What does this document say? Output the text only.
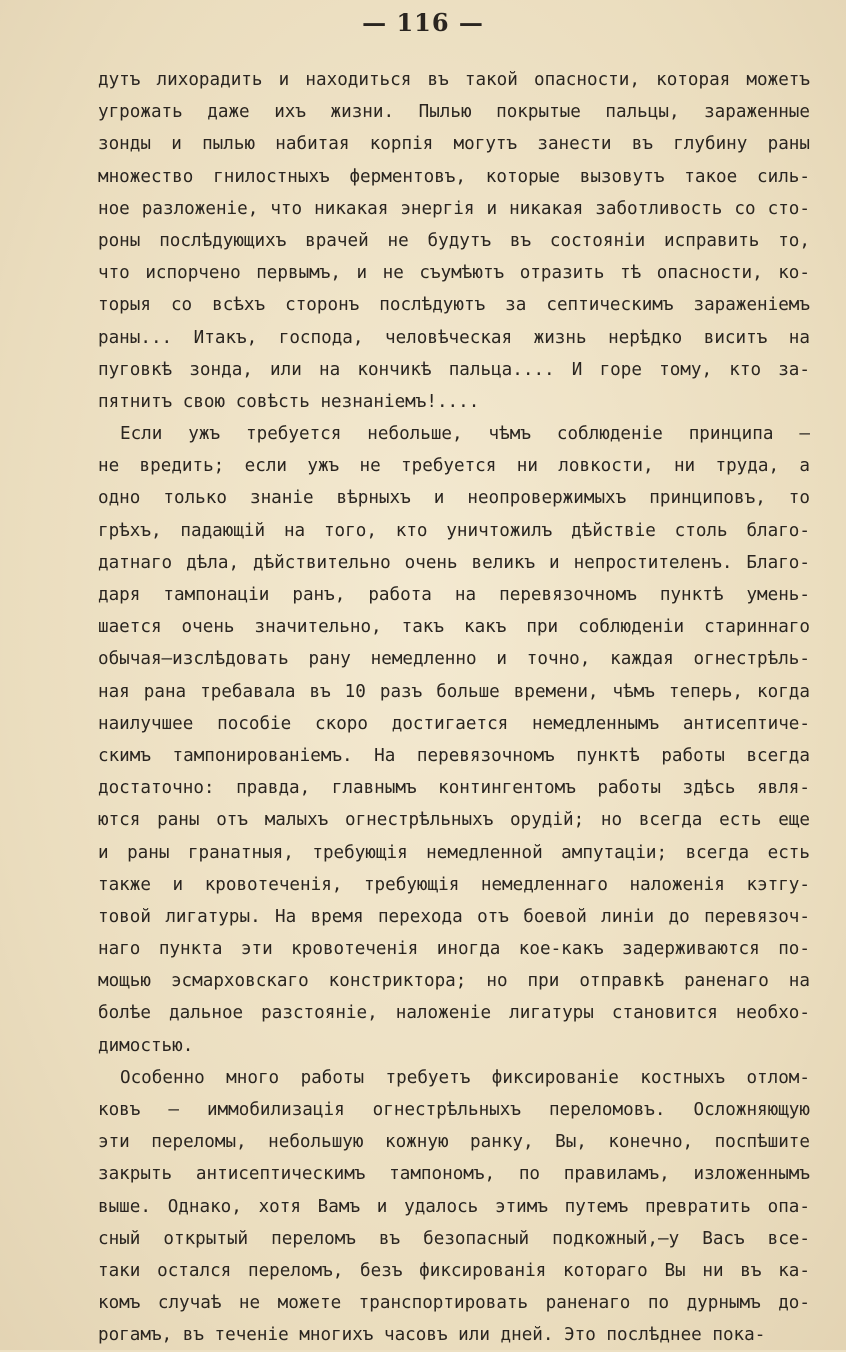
— 116 —
дутъ лихорадить и находиться въ такой опасности, которая можетъ
угрожать даже ихъ жизни. Пылью покрытые пальцы, зараженные
зонды и пылью набитая корпія могутъ занести въ глубину раны
множество гнилостныхъ ферментовъ, которые вызовутъ такое силь-
ное разложеніе, что никакая энергія и никакая заботливость со сто-
роны послѣдующихъ врачей не будутъ въ состояніи исправить то,
что испорчено первымъ, и не съумѣютъ отразить тѣ опасности, ко-
торыя со всѣхъ сторонъ послѣдуютъ за септическимъ зараженіемъ
раны... Итакъ, господа, человѣческая жизнь нерѣдко виситъ на
пуговкѣ зонда, или на кончикѣ пальца.... И горе тому, кто за-
пятнитъ свою совѣсть незнаніемъ!....
Если ужъ требуется небольше, чѣмъ соблюденіе принципа —
не вредить; если ужъ не требуется ни ловкости, ни труда, а
одно только знаніе вѣрныхъ и неопровержимыхъ принциповъ, то
грѣхъ, падающій на того, кто уничтожилъ дѣйствіе столь благо-
датнаго дѣла, дѣйствительно очень великъ и непростителенъ. Благо-
даря тампонаціи ранъ, работа на перевязочномъ пунктѣ умень-
шается очень значительно, такъ какъ при соблюденіи стариннаго
обычая—изслѣдовать рану немедленно и точно, каждая огнестрѣль-
ная рана требавала въ 10 разъ больше времени, чѣмъ теперь, когда
наилучшее пособіе скоро достигается немедленнымъ антисептиче-
скимъ тампонированіемъ. На перевязочномъ пунктѣ работы всегда
достаточно: правда, главнымъ контингентомъ работы здѣсь явля-
ются раны отъ малыхъ огнестрѣльныхъ орудій; но всегда есть еще
и раны гранатныя, требующія немедленной ампутаціи; всегда есть
также и кровотеченія, требующія немедленнаго наложенія кэтгу-
товой лигатуры. На время перехода отъ боевой линіи до перевязоч-
наго пункта эти кровотеченія иногда кое-какъ задерживаются по-
мощью эсмарховскаго констриктора; но при отправкѣ раненаго на
болѣе дальное разстояніе, наложеніе лигатуры становится необхо-
димостью.
Особенно много работы требуетъ фиксированіе костныхъ отлом-
ковъ — иммобилизація огнестрѣльныхъ переломовъ. Осложняющую
эти переломы, небольшую кожную ранку, Вы, конечно, поспѣшите
закрыть антисептическимъ тампономъ, по правиламъ, изложеннымъ
выше. Однако, хотя Вамъ и удалось этимъ путемъ превратить опа-
сный открытый переломъ въ безопасный подкожный,—у Васъ все-
таки остался переломъ, безъ фиксированія котораго Вы ни въ ка-
комъ случаѣ не можете транспортировать раненаго по дурнымъ до-
рогамъ, въ теченіе многихъ часовъ или дней. Это послѣднее пока-
